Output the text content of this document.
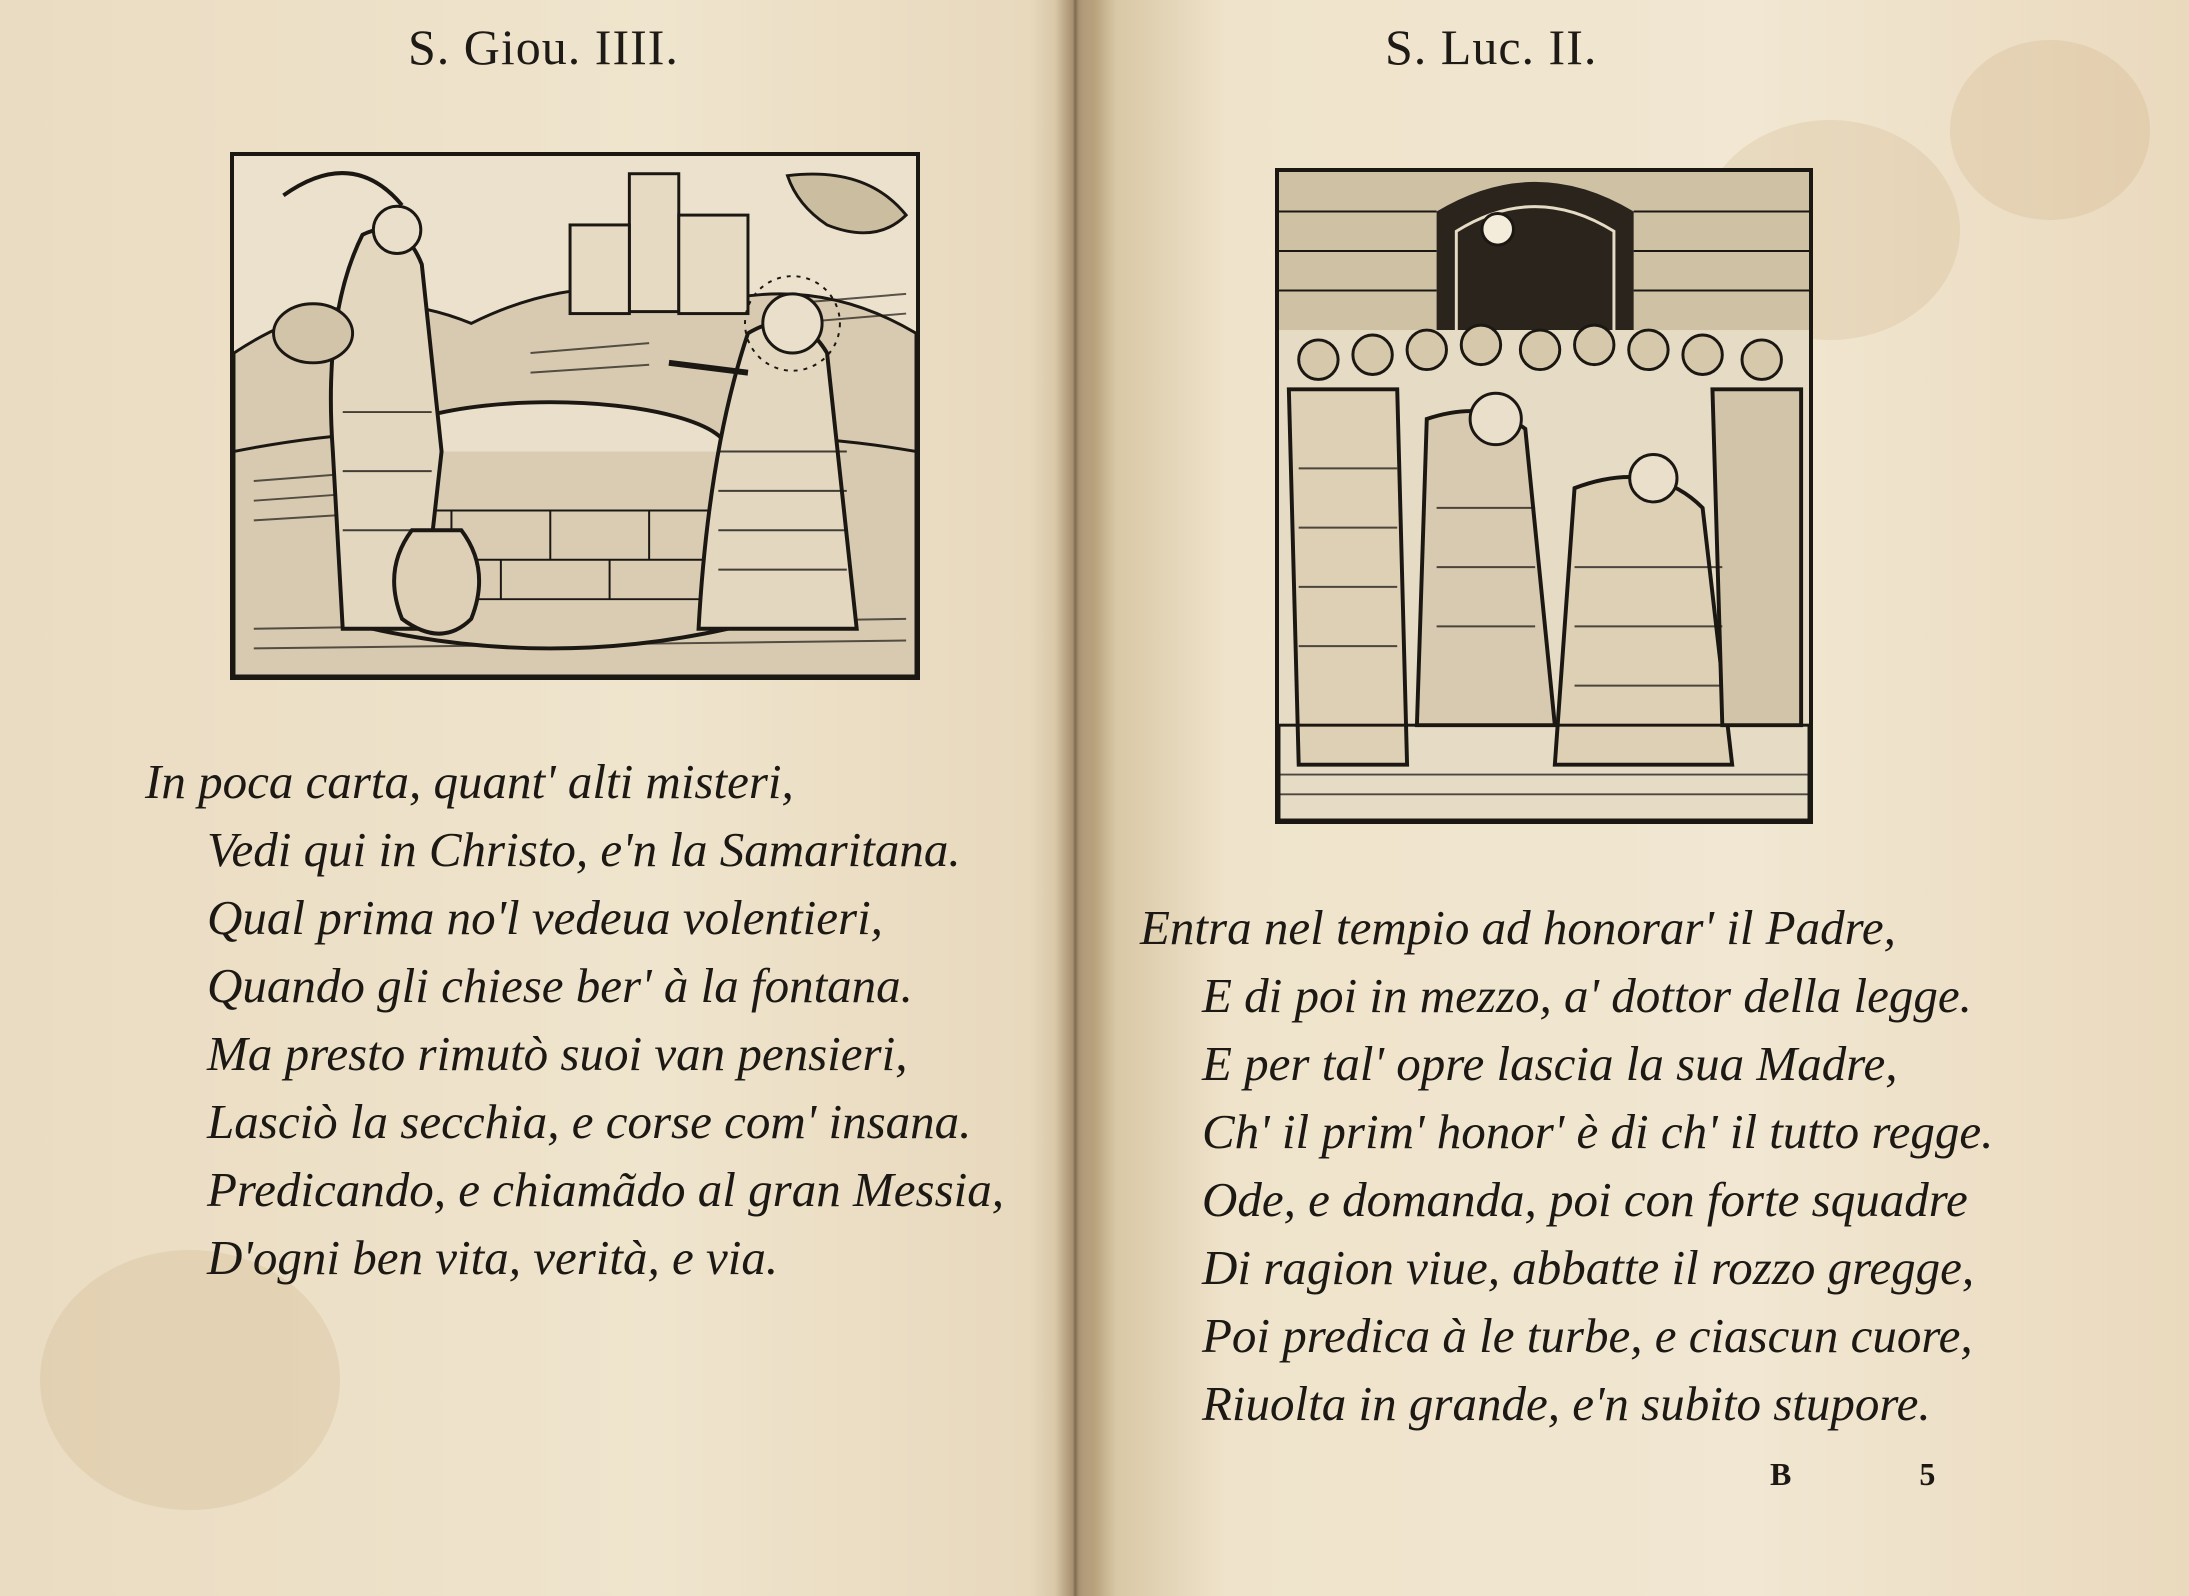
S. Giou. IIII.
In poca carta, quant' alti misteri,
Vedi qui in Christo, e'n la Samaritana.
Qual prima no'l vedeua volentieri,
Quando gli chiese ber' à la fontana.
Ma presto rimutò suoi van pensieri,
Lasciò la secchia, e corse com' insana.
Predicando, e chiamãdo al gran Messia,
D'ogni ben vita, verità, e via.
S. Luc. II.
Entra nel tempio ad honorar' il Padre,
E di poi in mezzo, a' dottor della legge.
E per tal' opre lascia la sua Madre,
Ch' il prim' honor' è di ch' il tutto regge.
Ode, e domanda, poi con forte squadre
Di ragion viue, abbatte il rozzo gregge,
Poi predica à le turbe, e ciascun cuore,
Riuolta in grande, e'n subito stupore.
B 5
